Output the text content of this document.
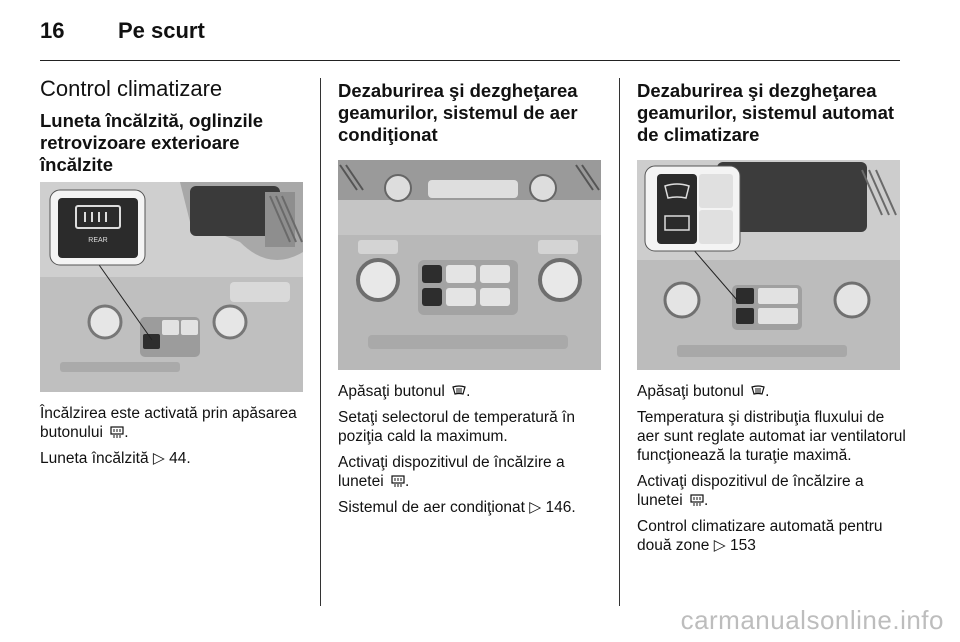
16 Pe scurt
Control climatizare
Luneta încălzită, oglinzile retrovizoare exterioare încălzite
REAR

Încălzirea este activată prin apăsarea butonului .

Luneta încălzită ▷ 44.

Dezaburirea şi dezgheţarea geamurilor, sistemul de aer condiţionat

Apăsaţi butonul .

Setaţi selectorul de temperatură în poziţia cald la maximum.

Activaţi dispozitivul de încălzire a lunetei .

Sistemul de aer condiţionat ▷ 146.

Dezaburirea şi dezgheţarea geamurilor, sistemul automat de climatizare

Apăsaţi butonul .

Temperatura şi distribuţia fluxului de aer sunt reglate automat iar ventilatorul funcţionează la turaţie maximă.

Activaţi dispozitivul de încălzire a lunetei .

Control climatizare automată pentru două zone ▷ 153

carmanualsonline.info
